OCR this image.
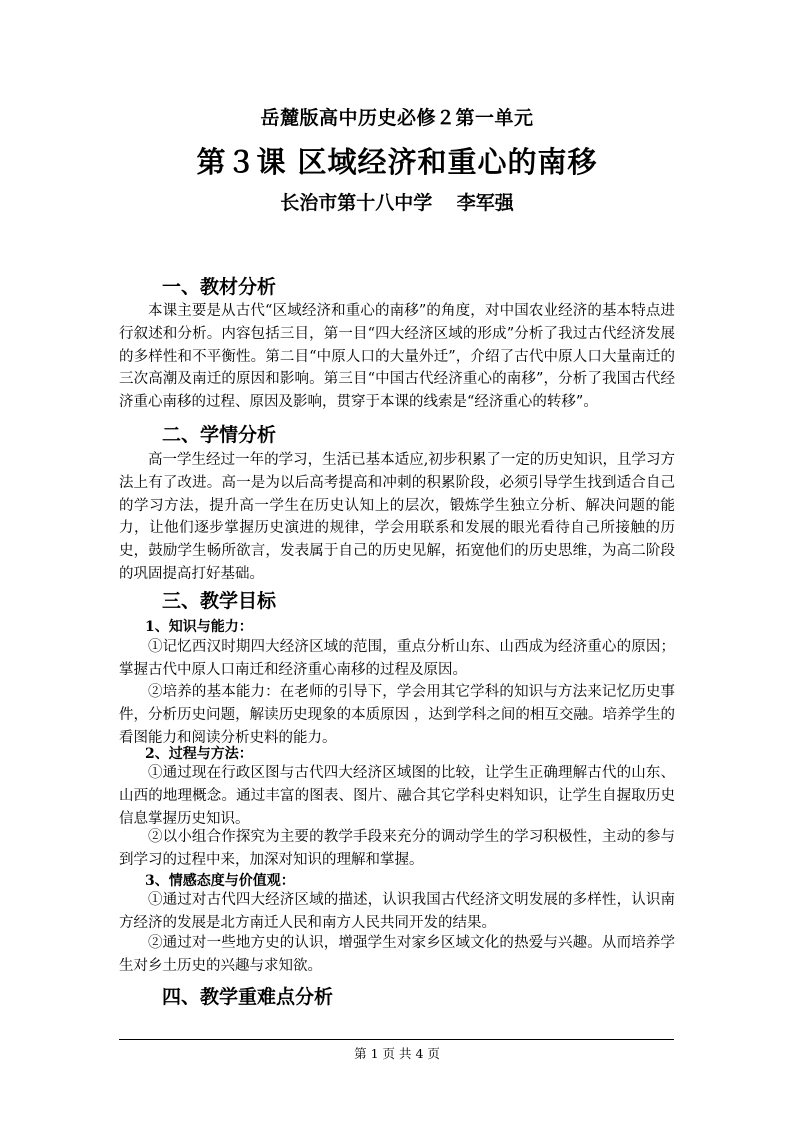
岳麓版高中历史必修２第一单元
第３课 区域经济和重心的南移
长治市第十八中学 李军强
一、教材分析
本课主要是从古代“区域经济和重心的南移”的角度，对中国农业经济的基本特点进行叙述和分析。内容包括三目，第一目“四大经济区域的形成”分析了我过古代经济发展的多样性和不平衡性。第二目“中原人口的大量外迁”，介绍了古代中原人口大量南迁的三次高潮及南迁的原因和影响。第三目“中国古代经济重心的南移”，分析了我国古代经济重心南移的过程、原因及影响，贯穿于本课的线索是“经济重心的转移”。
二、学情分析
高一学生经过一年的学习，生活已基本适应,初步积累了一定的历史知识，且学习方法上有了改进。高一是为以后高考提高和冲刺的积累阶段，必须引导学生找到适合自己的学习方法，提升高一学生在历史认知上的层次，锻炼学生独立分析、解决问题的能力，让他们逐步掌握历史演进的规律，学会用联系和发展的眼光看待自己所接触的历史，鼓励学生畅所欲言，发表属于自己的历史见解，拓宽他们的历史思维，为高二阶段的巩固提高打好基础。
三、教学目标
1、知识与能力：
①记忆西汉时期四大经济区域的范围，重点分析山东、山西成为经济重心的原因；掌握古代中原人口南迁和经济重心南移的过程及原因。
②培养的基本能力：在老师的引导下，学会用其它学科的知识与方法来记忆历史事件，分析历史问题，解读历史现象的本质原因 ，达到学科之间的相互交融。培养学生的看图能力和阅读分析史料的能力。
2、过程与方法：
①通过现在行政区图与古代四大经济区域图的比较，让学生正确理解古代的山东、山西的地理概念。通过丰富的图表、图片、融合其它学科史料知识，让学生自握取历史信息掌握历史知识。
②以小组合作探究为主要的教学手段来充分的调动学生的学习积极性，主动的参与到学习的过程中来，加深对知识的理解和掌握。
3、情感态度与价值观：
①通过对古代四大经济区域的描述，认识我国古代经济文明发展的多样性，认识南方经济的发展是北方南迁人民和南方人民共同开发的结果。
②通过对一些地方史的认识，增强学生对家乡区域文化的热爱与兴趣。从而培养学生对乡土历史的兴趣与求知欲。
四、教学重难点分析
第 1 页 共 4 页
